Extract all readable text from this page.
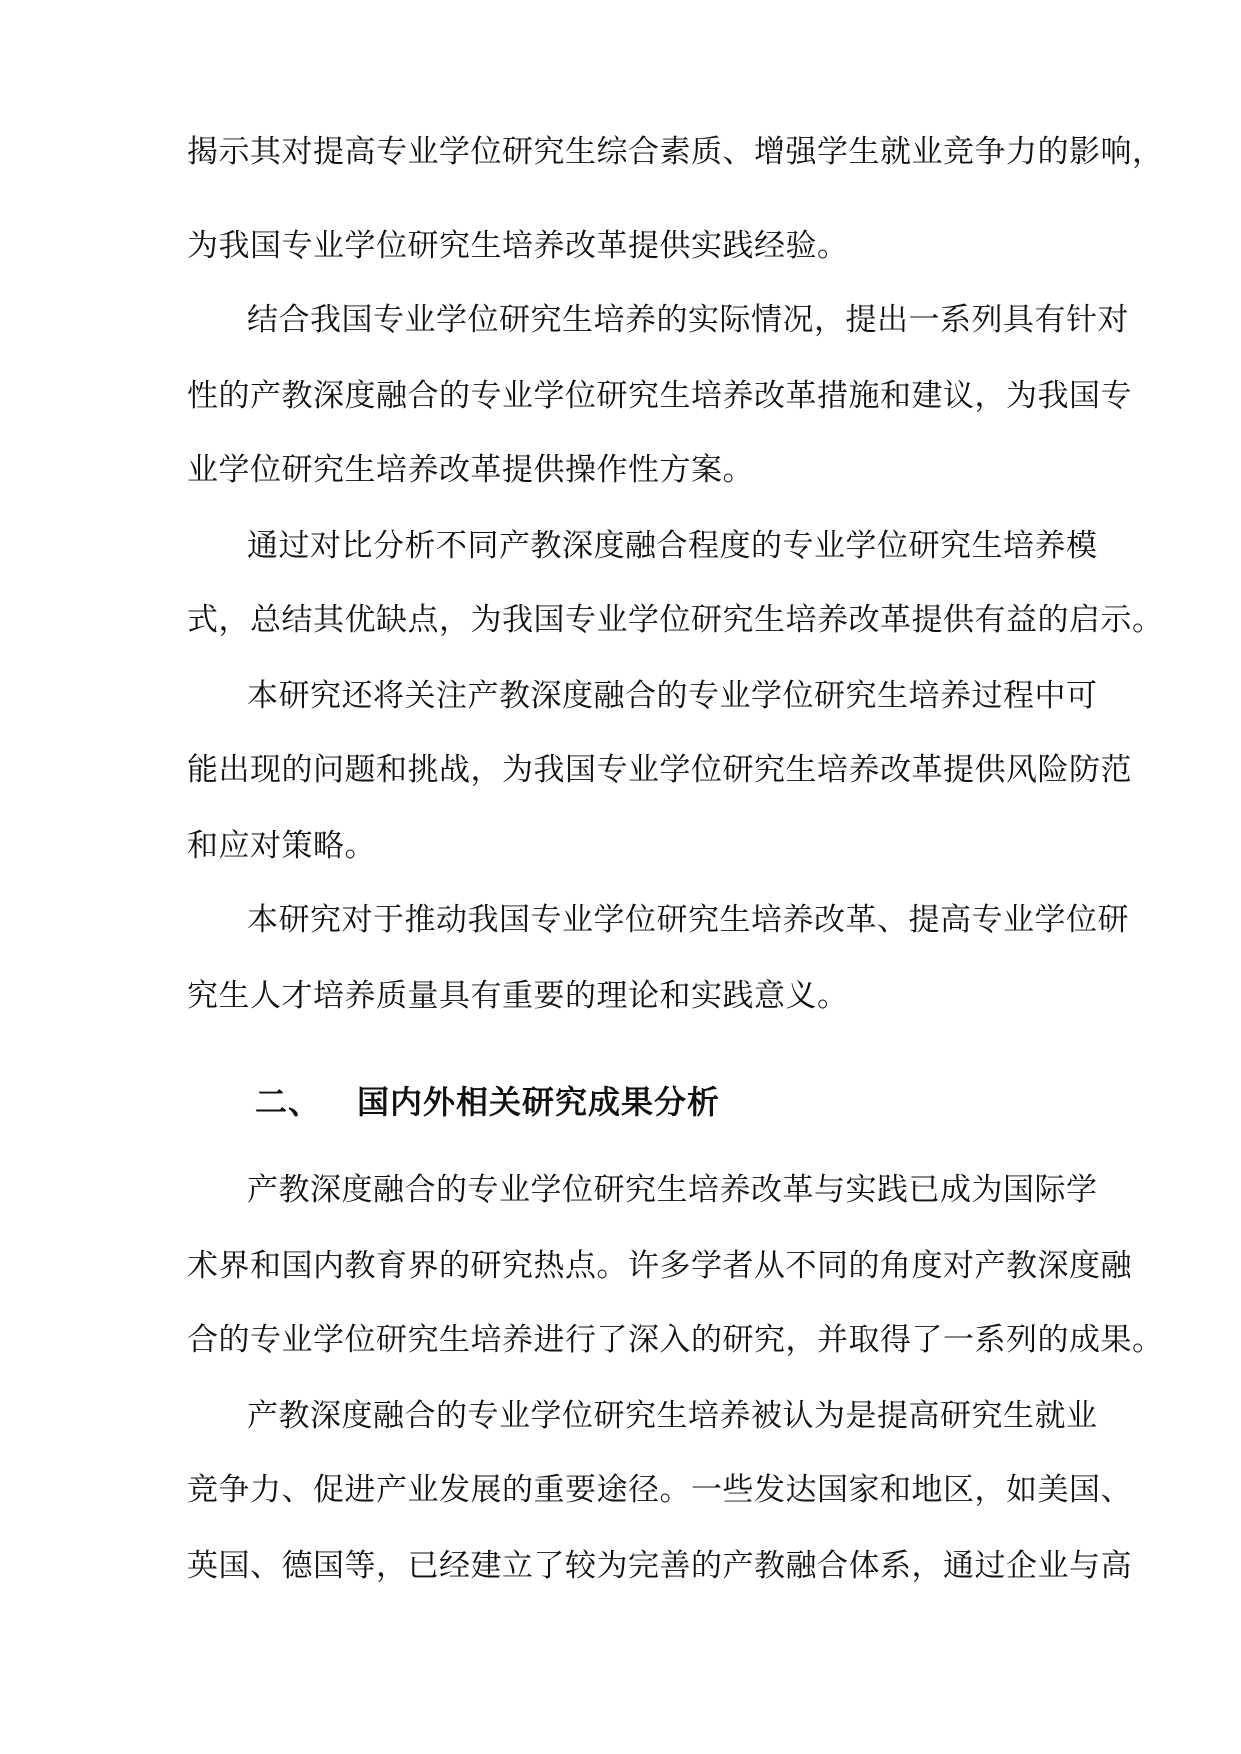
揭示其对提高专业学位研究生综合素质、增强学生就业竞争力的影响，
为我国专业学位研究生培养改革提供实践经验。
结合我国专业学位研究生培养的实际情况，提出一系列具有针对
性的产教深度融合的专业学位研究生培养改革措施和建议，为我国专
业学位研究生培养改革提供操作性方案。
通过对比分析不同产教深度融合程度的专业学位研究生培养模
式，总结其优缺点，为我国专业学位研究生培养改革提供有益的启示。
本研究还将关注产教深度融合的专业学位研究生培养过程中可
能出现的问题和挑战，为我国专业学位研究生培养改革提供风险防范
和应对策略。
本研究对于推动我国专业学位研究生培养改革、提高专业学位研
究生人才培养质量具有重要的理论和实践意义。
二、 国内外相关研究成果分析
产教深度融合的专业学位研究生培养改革与实践已成为国际学
术界和国内教育界的研究热点。许多学者从不同的角度对产教深度融
合的专业学位研究生培养进行了深入的研究，并取得了一系列的成果。
产教深度融合的专业学位研究生培养被认为是提高研究生就业
竞争力、促进产业发展的重要途径。一些发达国家和地区，如美国、
英国、德国等，已经建立了较为完善的产教融合体系，通过企业与高
